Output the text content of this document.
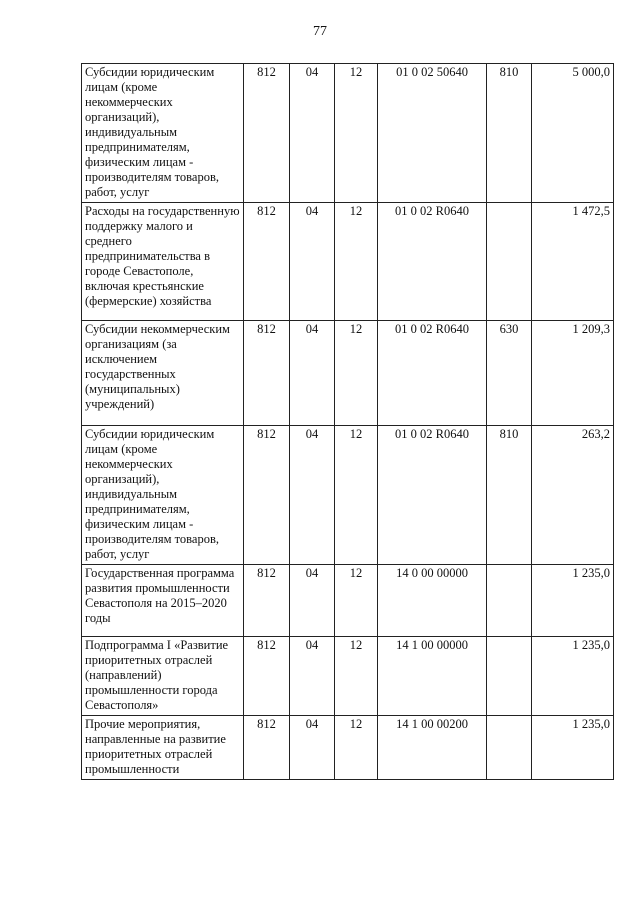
77
Субсидии юридическим лицам (кроме некоммерческих организаций), индивидуальным предпринимателям, физическим лицам - производителям товаров, работ, услуг	812	04	12	01 0 02 50640	810	5 000,0
Расходы на государственную поддержку малого и среднего предпринимательства в городе Севастополе, включая крестьянские (фермерские) хозяйства	812	04	12	01 0 02 R0640		1 472,5
Субсидии некоммерческим организациям (за исключением государственных (муниципальных) учреждений)	812	04	12	01 0 02 R0640	630	1 209,3
Субсидии юридическим лицам (кроме некоммерческих организаций), индивидуальным предпринимателям, физическим лицам - производителям товаров, работ, услуг	812	04	12	01 0 02 R0640	810	263,2
Государственная программа развития промышленности Севастополя на 2015–2020 годы	812	04	12	14 0 00 00000		1 235,0
Подпрограмма I «Развитие приоритетных отраслей (направлений) промышленности города Севастополя»	812	04	12	14 1 00 00000		1 235,0
Прочие мероприятия, направленные на развитие приоритетных отраслей промышленности	812	04	12	14 1 00 00200		1 235,0
